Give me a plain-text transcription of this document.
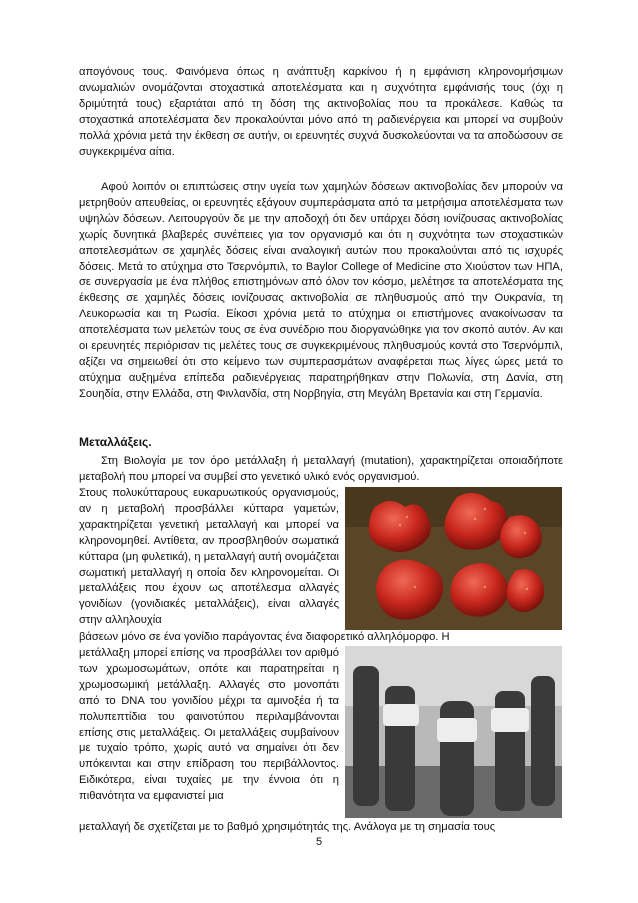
απογόνους τους. Φαινόμενα όπως η ανάπτυξη καρκίνου ή η εμφάνιση κληρονομήσιμων ανωμαλιών ονομάζονται στοχαστικά αποτελέσματα και η συχνότητα εμφάνισής τους (όχι η δριμύτητά τους) εξαρτάται από τη δόση της ακτινοβολίας που τα προκάλεσε. Καθώς τα στοχαστικά αποτελέσματα δεν προκαλούνται μόνο από τη ραδιενέργεια και μπορεί να συμβούν πολλά χρόνια μετά την έκθεση σε αυτήν, οι ερευνητές συχνά δυσκολεύονται να τα αποδώσουν σε συγκεκριμένα αίτια.

Αφού λοιπόν οι επιπτώσεις στην υγεία των χαμηλών δόσεων ακτινοβολίας δεν μπορούν να μετρηθούν απευθείας, οι ερευνητές εξάγουν συμπεράσματα από τα μετρήσιμα αποτελέσματα των υψηλών δόσεων. Λειτουργούν δε με την αποδοχή ότι δεν υπάρχει δόση ιονίζουσας ακτινοβολίας χωρίς δυνητικά βλαβερές συνέπειες για τον οργανισμό και ότι η συχνότητα των στοχαστικών αποτελεσμάτων σε χαμηλές δόσεις είναι αναλογική αυτών που προκαλούνται από τις ισχυρές δόσεις. Μετά το ατύχημα στο Τσερνόμπιλ, το Baylor College of Medicine στο Χιούστον των ΗΠΑ, σε συνεργασία με ένα πλήθος επιστημόνων από όλον τον κόσμο, μελέτησε τα αποτελέσματα της έκθεσης σε χαμηλές δόσεις ιονίζουσας ακτινοβολία σε πληθυσμούς από την Ουκρανία, τη Λευκορωσία και τη Ρωσία. Είκοσι χρόνια μετά το ατύχημα οι επιστήμονες ανακοίνωσαν τα αποτελέσματα των μελετών τους σε ένα συνέδριο που διοργανώθηκε για τον σκοπό αυτόν. Αν και οι ερευνητές περιόρισαν τις μελέτες τους σε συγκεκριμένους πληθυσμούς κοντά στο Τσερνόμπιλ, αξίζει να σημειωθεί ότι στο κείμενο των συμπερασμάτων αναφέρεται πως λίγες ώρες μετά το ατύχημα αυξημένα επίπεδα ραδιενέργειας παρατηρήθηκαν στην Πολωνία, στη Δανία, στη Σουηδία, στην Ελλάδα, στη Φινλανδία, στη Νορβηγία, στη Μεγάλη Βρετανία και στη Γερμανία.

Μεταλλάξεις.

Στη Βιολογία με τον όρο μετάλλαξη ή μεταλλαγή (mutation), χαρακτηρίζεται οποιαδήποτε μεταβολή που μπορεί να συμβεί στο γενετικό υλικό ενός οργανισμού.

Στους πολυκύτταρους ευκαρυωτικούς οργανισμούς, αν η μεταβολή προσβάλλει κύτταρα γαμετών, χαρακτηρίζεται γενετική μεταλλαγή και μπορεί να κληρονομηθεί. Αντίθετα, αν προσβληθούν σωματικά κύτταρα (μη φυλετικά), η μεταλλαγή αυτή ονομάζεται σωματική μεταλλαγή η οποία δεν κληρονομείται. Οι μεταλλάξεις που έχουν ως αποτέλεσμα αλλαγές γονιδίων (γονιδιακές μεταλλάξεις), είναι αλλαγές στην αλληλουχία
βάσεων μόνο σε ένα γονίδιο παράγοντας ένα διαφορετικό αλληλόμορφο. Η
μετάλλαξη μπορεί επίσης να προσβάλλει τον αριθμό των χρωμοσωμάτων, οπότε και παρατηρείται η χρωμοσωμική μετάλλαξη. Αλλαγές στο μονοπάτι από το DNA του γονιδίου μέχρι τα αμινοξέα ή τα πολυπεπτίδια του φαινοτύπου περιλαμβάνονται επίσης στις μεταλλάξεις. Οι μεταλλάξεις συμβαίνουν με τυχαίο τρόπο, χωρίς αυτό να σημαίνει ότι δεν υπόκεινται και στην επίδραση του περιβάλλοντος. Ειδικότερα, είναι τυχαίες με την έννοια ότι η πιθανότητα να εμφανιστεί μια
μεταλλαγή δε σχετίζεται με το βαθμό χρησιμότητάς της. Ανάλογα με τη σημασία τους
5
